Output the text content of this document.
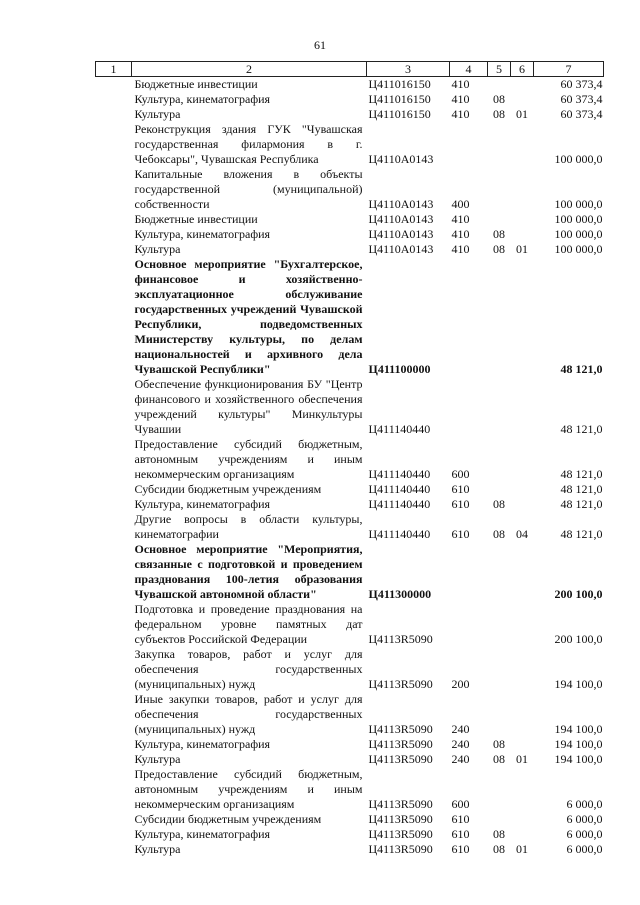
61
1	2	3	4	5	6	7
	Бюджетные инвестиции	Ц411016150	410			60 373,4
	Культура, кинематография	Ц411016150	410	08		60 373,4
	Культура	Ц411016150	410	08	01	60 373,4
	Реконструкция здания ГУК "Чувашская государственная филармония в г. Чебоксары", Чувашская Республика	Ц4110А0143				100 000,0
	Капитальные вложения в объекты государственной (муниципальной) собственности	Ц4110А0143	400			100 000,0
	Бюджетные инвестиции	Ц4110А0143	410			100 000,0
	Культура, кинематография	Ц4110А0143	410	08		100 000,0
	Культура	Ц4110А0143	410	08	01	100 000,0
	Основное мероприятие "Бухгалтерское, финансовое и хозяйственно-эксплуатационное обслуживание государственных учреждений Чувашской Республики, подведомственных Министерству культуры, по делам национальностей и архивного дела Чувашской Республики"	Ц411100000				48 121,0
	Обеспечение функционирования БУ "Центр финансового и хозяйственного обеспечения учреждений культуры" Минкультуры Чувашии	Ц411140440				48 121,0
	Предоставление субсидий бюджетным, автономным учреждениям и иным некоммерческим организациям	Ц411140440	600			48 121,0
	Субсидии бюджетным учреждениям	Ц411140440	610			48 121,0
	Культура, кинематография	Ц411140440	610	08		48 121,0
	Другие вопросы в области культуры, кинематографии	Ц411140440	610	08	04	48 121,0
	Основное мероприятие "Мероприятия, связанные с подготовкой и проведением празднования 100-летия образования Чувашской автономной области"	Ц411300000				200 100,0
	Подготовка и проведение празднования на федеральном уровне памятных дат субъектов Российской Федерации	Ц4113R5090				200 100,0
	Закупка товаров, работ и услуг для обеспечения государственных (муниципальных) нужд	Ц4113R5090	200			194 100,0
	Иные закупки товаров, работ и услуг для обеспечения государственных (муниципальных) нужд	Ц4113R5090	240			194 100,0
	Культура, кинематография	Ц4113R5090	240	08		194 100,0
	Культура	Ц4113R5090	240	08	01	194 100,0
	Предоставление субсидий бюджетным, автономным учреждениям и иным некоммерческим организациям	Ц4113R5090	600			6 000,0
	Субсидии бюджетным учреждениям	Ц4113R5090	610			6 000,0
	Культура, кинематография	Ц4113R5090	610	08		6 000,0
	Культура	Ц4113R5090	610	08	01	6 000,0
